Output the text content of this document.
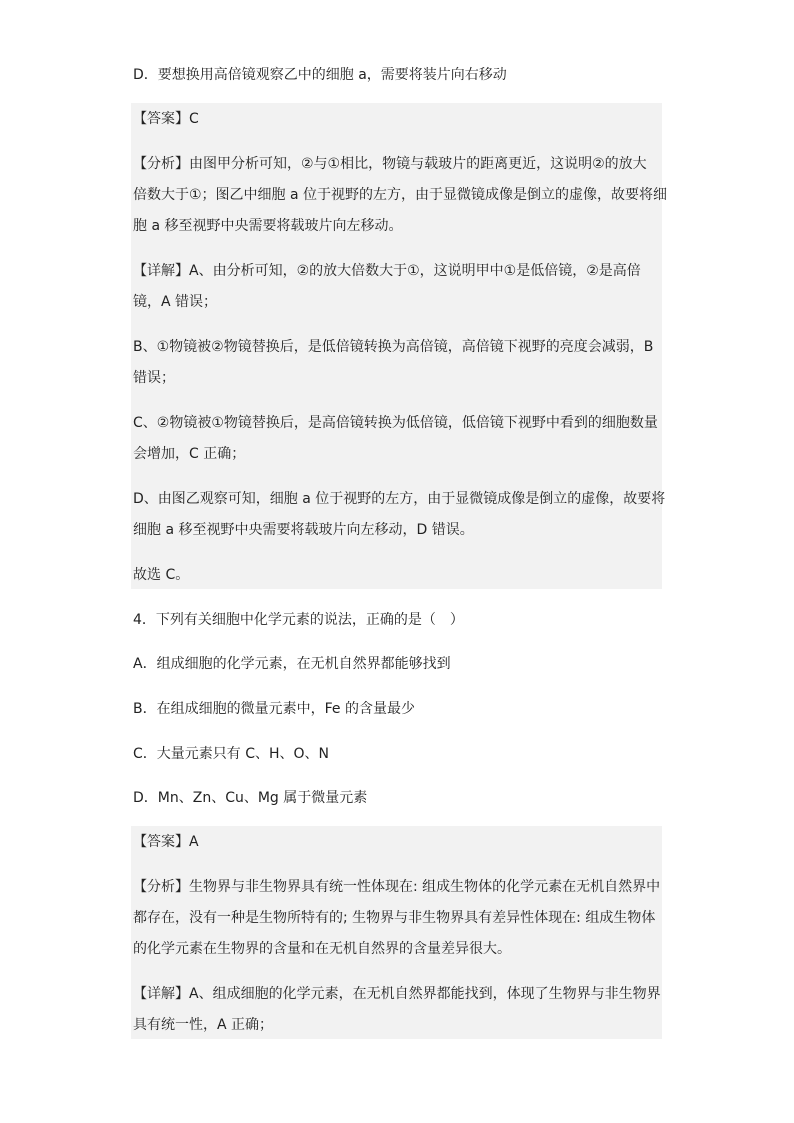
D．要想换用高倍镜观察乙中的细胞 a，需要将装片向右移动
【答案】C
【分析】由图甲分析可知，②与①相比，物镜与载玻片的距离更近，这说明②的放大
倍数大于①；图乙中细胞 a 位于视野的左方，由于显微镜成像是倒立的虚像，故要将细
胞 a 移至视野中央需要将载玻片向左移动。
【详解】A、由分析可知，②的放大倍数大于①，这说明甲中①是低倍镜，②是高倍
镜，A 错误；
B、①物镜被②物镜替换后，是低倍镜转换为高倍镜，高倍镜下视野的亮度会减弱，B
错误；
C、②物镜被①物镜替换后，是高倍镜转换为低倍镜，低倍镜下视野中看到的细胞数量
会增加，C 正确；
D、由图乙观察可知，细胞 a 位于视野的左方，由于显微镜成像是倒立的虚像，故要将
细胞 a 移至视野中央需要将载玻片向左移动，D 错误。
故选 C。
4．下列有关细胞中化学元素的说法，正确的是（　）
A．组成细胞的化学元素，在无机自然界都能够找到
B．在组成细胞的微量元素中，Fe 的含量最少
C．大量元素只有 C、H、O、N
D．Mn、Zn、Cu、Mg 属于微量元素
【答案】A
【分析】生物界与非生物界具有统一性体现在: 组成生物体的化学元素在无机自然界中
都存在，没有一种是生物所特有的; 生物界与非生物界具有差异性体现在: 组成生物体
的化学元素在生物界的含量和在无机自然界的含量差异很大。
【详解】A、组成细胞的化学元素，在无机自然界都能找到，体现了生物界与非生物界
具有统一性，A 正确；
